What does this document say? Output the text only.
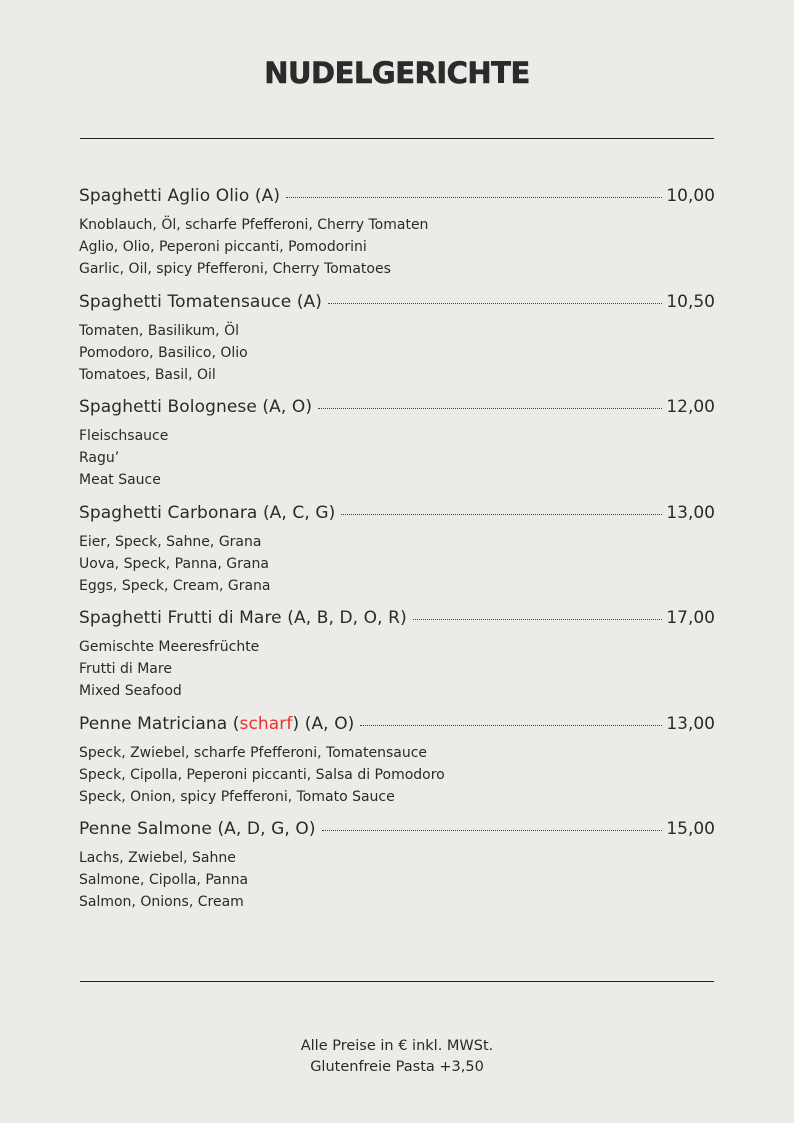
NUDELGERICHTE
Spaghetti Aglio Olio (A)	10,00
Knoblauch, Öl, scharfe Pfefferoni, Cherry Tomaten
Aglio, Olio, Peperoni piccanti, Pomodorini
Garlic, Oil, spicy Pfefferoni, Cherry Tomatoes
Spaghetti Tomatensauce (A)	10,50
Tomaten, Basilikum, Öl
Pomodoro, Basilico, Olio
Tomatoes, Basil, Oil
Spaghetti Bolognese (A, O)	12,00
Fleischsauce
Ragu’
Meat Sauce
Spaghetti Carbonara (A, C, G)	13,00
Eier, Speck, Sahne, Grana
Uova, Speck, Panna, Grana
Eggs, Speck, Cream, Grana
Spaghetti Frutti di Mare (A, B, D, O, R)	17,00
Gemischte Meeresfrüchte
Frutti di Mare
Mixed Seafood
Penne Matriciana (scharf) (A, O)	13,00
Speck, Zwiebel, scharfe Pfefferoni, Tomatensauce
Speck, Cipolla, Peperoni piccanti, Salsa di Pomodoro
Speck, Onion, spicy Pfefferoni, Tomato Sauce
Penne Salmone (A, D, G, O)	15,00
Lachs, Zwiebel, Sahne
Salmone, Cipolla, Panna
Salmon, Onions, Cream
Alle Preise in € inkl. MWSt.
Glutenfreie Pasta +3,50
